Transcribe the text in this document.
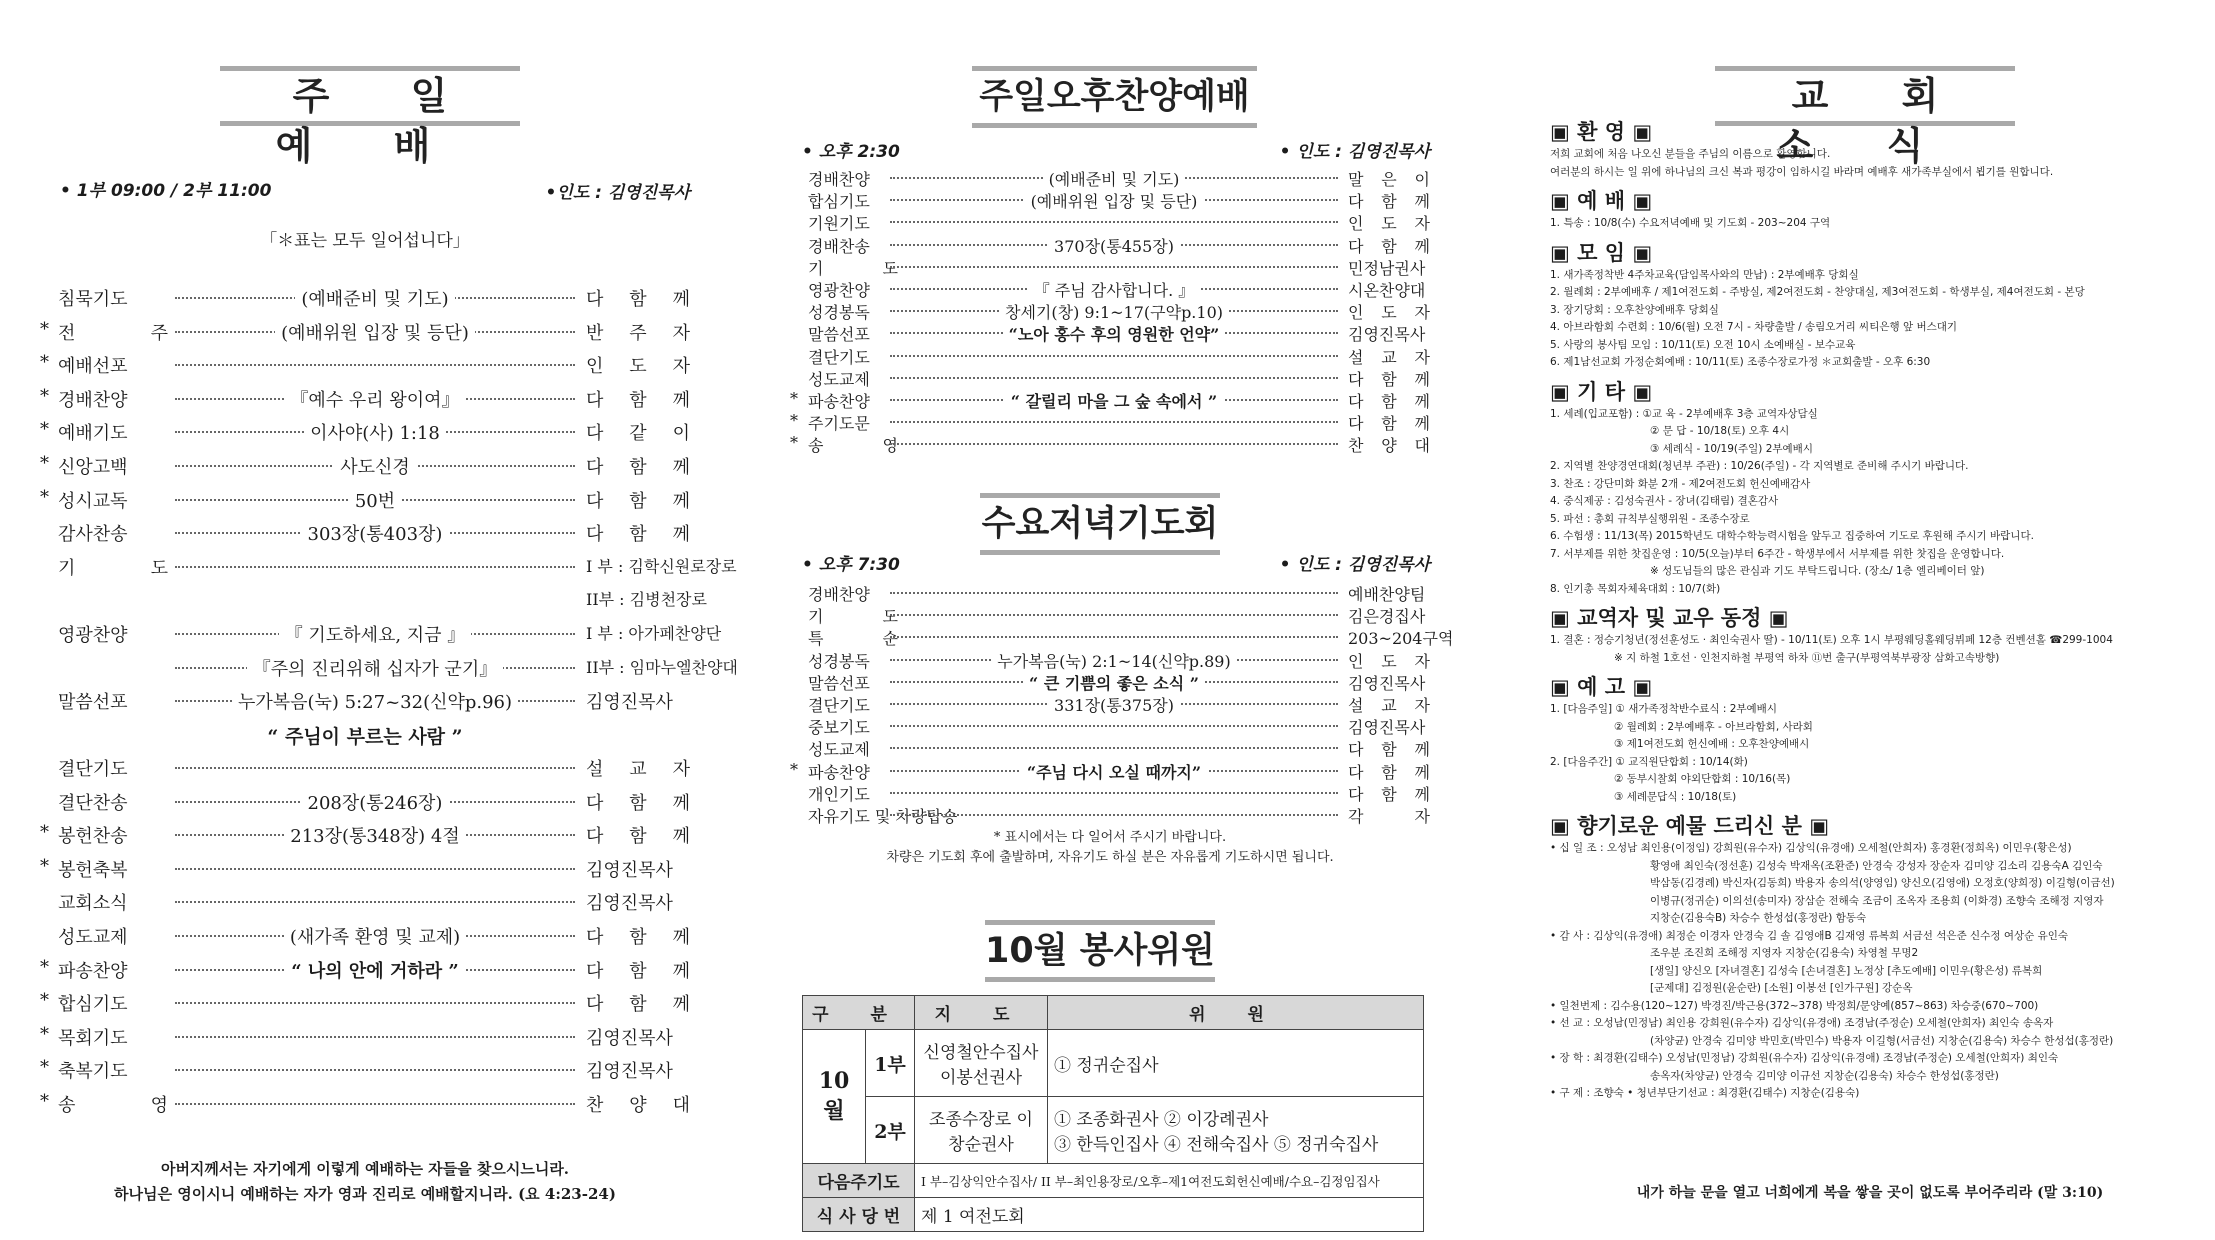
주 일 예 배
• 1부 09:00 / 2부 11:00	•인도 : 김영진목사
「＊표는 모두 일어섭니다」
침묵기도	(예배준비 및 기도)	다 함 께
* 전 주	(예배위원 입장 및 등단)	반 주 자
* 예배선포	인 도 자
* 경배찬양	『예수 우리 왕이여』	다 함 께
* 예배기도	이사야(사) 1:18	다 같 이
* 신앙고백	사도신경	다 함 께
* 성시교독	50번	다 함 께
감사찬송	303장(통403장)	다 함 께
기 도	I 부 : 김학신원로장로
II부 : 김병천장로
영광찬양	『 기도하세요, 지금 』	I 부 : 아가페찬양단
『주의 진리위해 십자가 군기』	II부 : 임마누엘찬양대
말씀선포	누가복음(눅) 5:27~32(신약p.96)	김영진목사
“ 주님이 부르는 사람 ”
결단기도	설 교 자
결단찬송	208장(통246장)	다 함 께
* 봉헌찬송	213장(통348장) 4절	다 함 께
* 봉헌축복	김영진목사
교회소식	김영진목사
성도교제	(새가족 환영 및 교제)	다 함 께
* 파송찬양	“ 나의 안에 거하라 ”	다 함 께
* 합심기도	다 함 께
* 목회기도	김영진목사
* 축복기도	김영진목사
* 송 영	찬 양 대
아버지께서는 자기에게 이렇게 예배하는 자들을 찾으시느니라.
하나님은 영이시니 예배하는 자가 영과 진리로 예배할지니라. (요 4:23-24)
주일오후찬양예배
• 오후 2:30	• 인도 : 김영진목사
경배찬양	(예배준비 및 기도)	말 은 이
합심기도	(예배위원 입장 및 등단)	다 함 께
기원기도	인 도 자
경배찬송	370장(통455장)	다 함 께
기 도	민정남권사
영광찬양	『 주님 감사합니다. 』	시온찬양대
성경봉독	창세기(창) 9:1~17(구약p.10)	인 도 자
말씀선포	“노아 홍수 후의 영원한 언약”	김영진목사
결단기도	설 교 자
성도교제	다 함 께
* 파송찬양	“ 갈릴리 마을 그 숲 속에서 ”	다 함 께
* 주기도문	다 함 께
* 송 영	찬 양 대
수요저녁기도회
• 오후 7:30	• 인도 : 김영진목사
경배찬양	예배찬양팀
기 도	김은경집사
특 순	203~204구역
성경봉독	누가복음(눅) 2:1~14(신약p.89)	인 도 자
말씀선포	“ 큰 기쁨의 좋은 소식 ”	김영진목사
결단기도	331장(통375장)	설 교 자
중보기도	김영진목사
성도교제	다 함 께
* 파송찬양	“주님 다시 오실 때까지”	다 함 께
개인기도	다 함 께
자유기도 및 차량탑승	각 자
* 표시에서는 다 일어서 주시기 바랍니다.
차량은 기도회 후에 출발하며, 자유기도 하실 분은 자유롭게 기도하시면 됩니다.
10월 봉사위원
구 분		지 도	위 원
10월	1부	신영철안수집사 이봉선권사	① 정귀순집사
	2부	조종수장로 이창순권사	① 조종화권사 ② 이강례권사
③ 한득인집사 ④ 전해숙집사 ⑤ 정귀숙집사

다음주기도		I 부–김상익안수집사/ II 부–최인용장로/오후–제1여전도회헌신예배/수요–김정임집사	
식 사 당 번		제 1 여전도회	
교 회 소 식
▣ 환 영 ▣
저희 교회에 처음 나오신 분들을 주님의 이름으로 환영합니다.
여러분의 하시는 일 위에 하나님의 크신 복과 평강이 임하시길 바라며 예배후 새가족부실에서 뵙기를 원합니다.
▣ 예 배 ▣
1. 특송 : 10/8(수) 수요저녁예배 및 기도회 - 203~204 구역
▣ 모 임 ▣
1. 새가족정착반 4주차교육(담임목사와의 만남) : 2부예배후 당회실
2. 월례회 : 2부예배후 / 제1여전도회 - 주방실, 제2여전도회 - 찬양대실, 제3여전도회 - 학생부실, 제4여전도회 - 본당
3. 장기당회 : 오후찬양예배후 당회실
4. 아브라함회 수련회 : 10/6(월) 오전 7시 - 차량출발 / 송림오거리 씨티은행 앞 버스대기
5. 사랑의 봉사팀 모임 : 10/11(토) 오전 10시 소예배실 - 보수교육
6. 제1남선교회 가정순회예배 : 10/11(토) 조종수장로가정 ＊교회출발 - 오후 6:30
▣ 기 타 ▣
1. 세례(입교포함) : ①교 육 - 2부예배후 3층 교역자상담실
② 문 답 - 10/18(토) 오후 4시
③ 세례식 - 10/19(주일) 2부예배시
2. 지역별 찬양경연대회(청년부 주관) : 10/26(주일) - 각 지역별로 준비해 주시기 바랍니다.
3. 찬조 : 강단미화 화분 2개 - 제2여전도회 헌신예배감사
4. 중식제공 : 김성숙권사 - 장녀(김태림) 결혼감사
5. 파선 : 총회 규칙부실행위원 - 조종수장로
6. 수험생 : 11/13(목) 2015학년도 대학수학능력시험을 앞두고 집중하여 기도로 후원해 주시기 바랍니다.
7. 서부제를 위한 찻집운영 : 10/5(오늘)부터 6주간 - 학생부에서 서부제를 위한 찻집을 운영합니다.
※ 성도님들의 많은 관심과 기도 부탁드립니다. (장소/ 1층 엘리베이터 앞)
8. 인기총 목회자체육대회 : 10/7(화)
▣ 교역자 및 교우 동정 ▣
1. 결혼 : 정승기청년(정선훈성도 · 최인숙권사 딸) - 10/11(토) 오후 1시 부평웨딩홀웨딩뷔페 12층 컨벤션홀 ☎299-1004
※ 지 하철 1호선 · 인천지하철 부평역 하차 ⑪번 출구(부평역북부광장 삼화고속방향)
▣ 예 고 ▣
1. [다음주일] ① 새가족정착반수료식 : 2부예배시
② 월례회 : 2부예배후 - 아브라함회, 사라회
③ 제1여전도회 헌신예배 : 오후찬양예배시
2. [다음주간] ① 교직원단합회 : 10/14(화)
② 동부시찰회 야외단합회 : 10/16(목)
③ 세례문답식 : 10/18(토)
▣ 향기로운 예물 드리신 분 ▣
• 십 일 조 : 오성남 최인용(이정임) 강희원(유수자) 김상익(유경애) 오세철(안희자) 홍경환(정희옥) 이민우(황은성)
황영애 최인숙(정선훈) 김성숙 박재옥(조환준) 안경숙 강성자 장순자 김미양 김소리 김용숙A 김인숙
박삼동(김경례) 박신자(김동희) 박용자 송의석(양영임) 양신오(김영애) 오정호(양희정) 이길형(이금선)
이병규(정귀순) 이의선(송미자) 장삼순 전해숙 조금이 조옥자 조용희 (이화경) 조향숙 조해정 지영자
지창순(김용숙B) 차승수 한성섭(홍정란) 함동숙
• 감 사 : 김상익(유경애) 최정순 이경자 안경숙 김 솔 김영애B 김재영 류복희 서금선 석은준 신수정 여상순 유인숙
조우분 조진희 조해정 지영자 지창순(김용숙) 차영철 무명2
[생일] 양신오 [자녀결혼] 김성숙 [손녀결혼] 노정상 [추도예배] 이민우(황은성) 류복희
[군제대] 김정원(윤순란) [소원] 이봉선 [인가구원] 강순옥
• 일천번제 : 김수용(120~127) 박경진/박근용(372~378) 박정희/문양예(857~863) 차승중(670~700)
• 선 교 : 오성남(민정남) 최인용 강희원(유수자) 김상익(유경애) 조경남(주정순) 오세철(안희자) 최인숙 송옥자
(차양균) 안경숙 김미양 박민호(박민수) 박용자 이길형(서금선) 지창순(김용숙) 차승수 한성섭(홍정란)
• 장 학 : 최경환(김태수) 오성남(민정남) 강희원(유수자) 김상익(유경애) 조경남(주정순) 오세철(안희자) 최인숙
송옥자(차양균) 안경숙 김미양 이규선 지창순(김용숙) 차승수 한성섭(홍정란)
• 구 제 : 조향숙 • 청년부단기선교 : 최경환(김태수) 지창순(김용숙)
내가 하늘 문을 열고 너희에게 복을 쌓을 곳이 없도록 부어주리라 (말 3:10)
